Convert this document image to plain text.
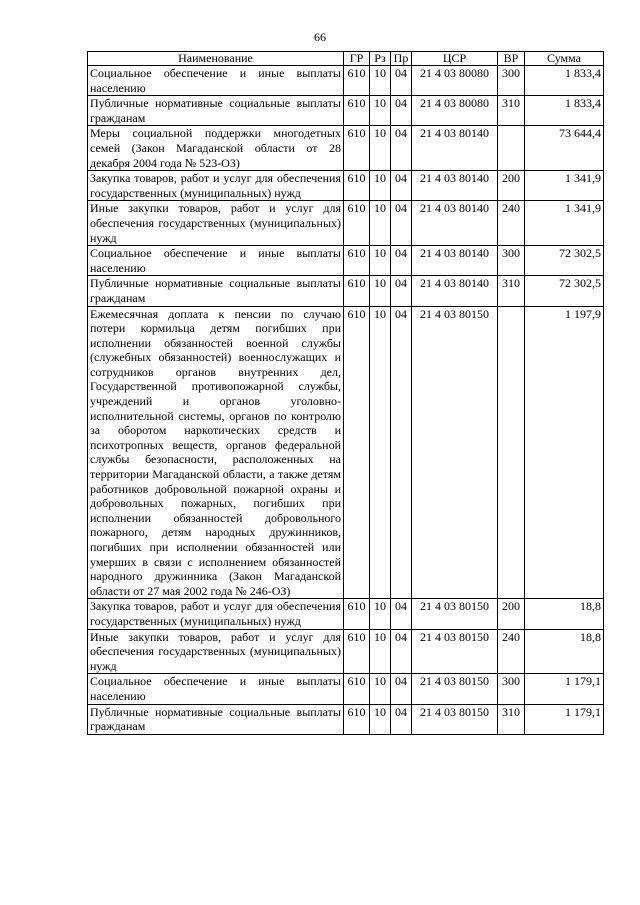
66
Наименование	ГР	Рз	Пр	ЦСР	ВР	Сумма
Социальное обеспечение и иные выплаты населению	610	10	04	21 4 03 80080	300	1 833,4
Публичные нормативные социальные выплаты гражданам	610	10	04	21 4 03 80080	310	1 833,4
Меры социальной поддержки многодетных семей (Закон Магаданской области от 28 декабря 2004 года № 523-ОЗ)	610	10	04	21 4 03 80140		73 644,4
Закупка товаров, работ и услуг для обеспечения государственных (муниципальных) нужд	610	10	04	21 4 03 80140	200	1 341,9
Иные закупки товаров, работ и услуг для обеспечения государственных (муниципальных) нужд	610	10	04	21 4 03 80140	240	1 341,9
Социальное обеспечение и иные выплаты населению	610	10	04	21 4 03 80140	300	72 302,5
Публичные нормативные социальные выплаты гражданам	610	10	04	21 4 03 80140	310	72 302,5
Ежемесячная доплата к пенсии по случаю потери кормильца детям погибших при исполнении обязанностей военной службы (служебных обязанностей) военнослужащих и сотрудников органов внутренних дел, Государственной противопожарной службы, учреждений и органов уголовно-исполнительной системы, органов по контролю за оборотом наркотических средств и психотропных веществ, органов федеральной службы безопасности, расположенных на территории Магаданской области, а также детям работников добровольной пожарной охраны и добровольных пожарных, погибших при исполнении обязанностей добровольного пожарного, детям народных дружинников, погибших при исполнении обязанностей или умерших в связи с исполнением обязанностей народного дружинника (Закон Магаданской области от 27 мая 2002 года № 246-ОЗ)	610	10	04	21 4 03 80150		1 197,9
Закупка товаров, работ и услуг для обеспечения государственных (муниципальных) нужд	610	10	04	21 4 03 80150	200	18,8
Иные закупки товаров, работ и услуг для обеспечения государственных (муниципальных) нужд	610	10	04	21 4 03 80150	240	18,8
Социальное обеспечение и иные выплаты населению	610	10	04	21 4 03 80150	300	1 179,1
Публичные нормативные социальные выплаты гражданам	610	10	04	21 4 03 80150	310	1 179,1
